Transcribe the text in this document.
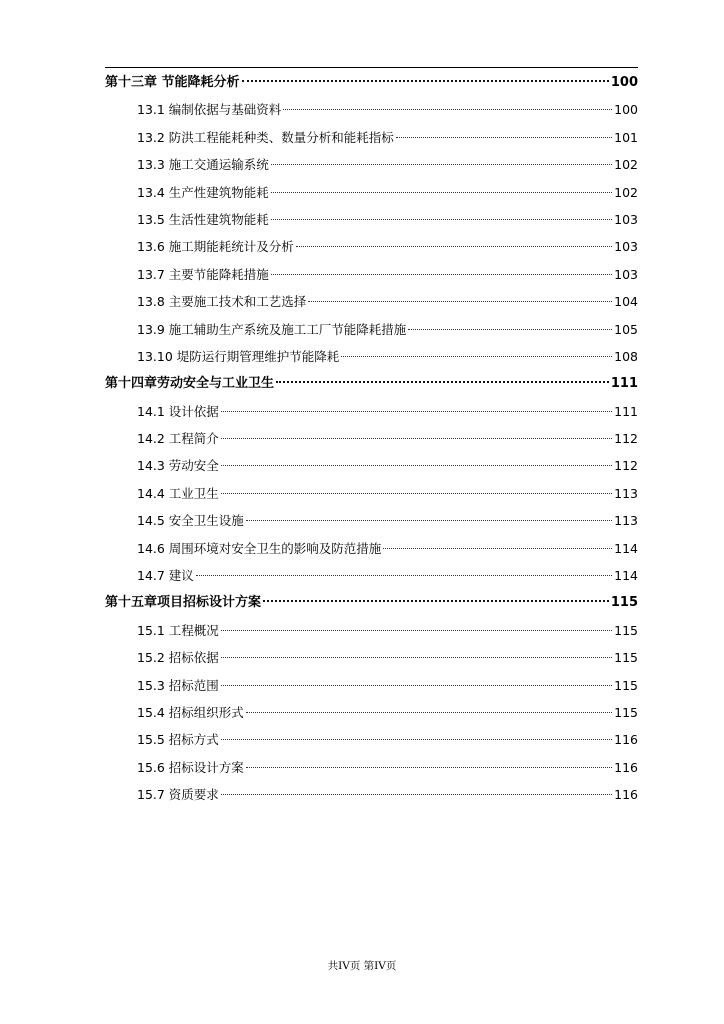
第十三章 节能降耗分析	100
13.1 编制依据与基础资料	100
13.2 防洪工程能耗种类、数量分析和能耗指标	101
13.3 施工交通运输系统	102
13.4 生产性建筑物能耗	102
13.5 生活性建筑物能耗	103
13.6 施工期能耗统计及分析	103
13.7 主要节能降耗措施	103
13.8 主要施工技术和工艺选择	104
13.9 施工辅助生产系统及施工工厂节能降耗措施	105
13.10 堤防运行期管理维护节能降耗	108
第十四章劳动安全与工业卫生	111
14.1 设计依据	111
14.2 工程简介	112
14.3 劳动安全	112
14.4 工业卫生	113
14.5 安全卫生设施	113
14.6 周围环境对安全卫生的影响及防范措施	114
14.7 建议	114
第十五章项目招标设计方案	115
15.1 工程概况	115
15.2 招标依据	115
15.3 招标范围	115
15.4 招标组织形式	115
15.5 招标方式	116
15.6 招标设计方案	116
15.7 资质要求	116
共IV页 第IV页
